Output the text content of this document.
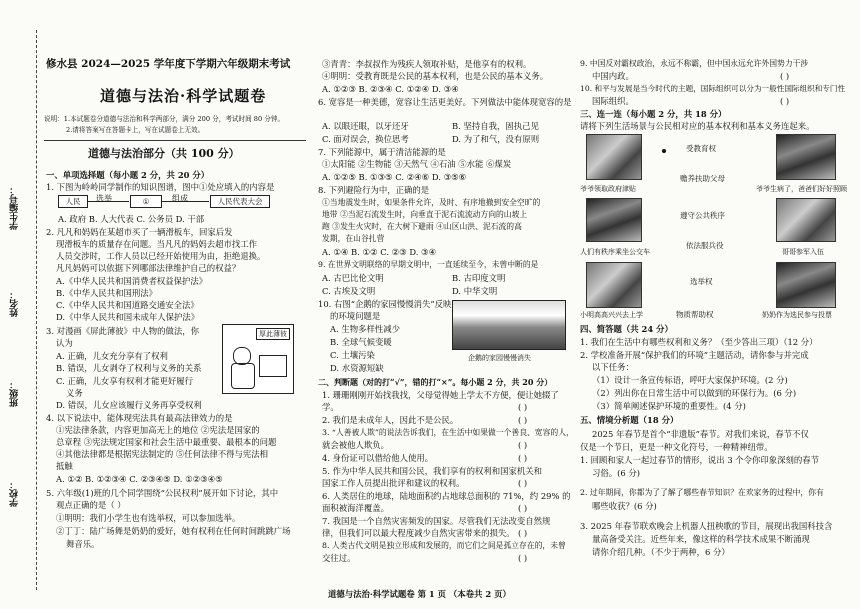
学生编号：
姓名：
班级：
学校：
修水县 2024—2025 学年度下学期六年级期末考试
道德与法治·科学试题卷
说明：1.本试题卷分道德与法治和科学两部分，满分 200 分，考试时间 80 分钟。
2.请将答案写在答题卡上，写在试题卷上无效。
道德与法治部分（共 100 分）
一、单项选择题（每小题 2 分，共 20 分）
1. 下图为岭岭同学制作的知识图谱，图中①处应填入的内容是
人民	选举	①	组成	人民代表大会
A. 政府 B. 人大代表 C. 公务员 D. 干部
2. 凡凡和妈妈在某超市买了一辆滑板车，回家后发
现滑板车的质量存在问题。当凡凡的妈妈去超市找工作
人员交涉时，工作人员以已经开始使用为由，拒绝退换。
凡凡妈妈可以依据下列哪部法律维护自己的权益？
A.《中华人民共和国消费者权益保护法》
B.《中华人民共和国刑法》
C.《中华人民共和国道路交通安全法》
D.《中华人民共和国未成年人保护法》
3. 对漫画《屏此薄彼》中人物的做法，你
认为
厚此薄彼
A. 正确，儿女充分享有了权利
B. 错误，儿女剥夺了权利与义务的关系
C. 正确，儿女享有权利才能更好履行
义务
D. 错误，儿女应该履行义务再享受权利
4. 以下说法中，能体现宪法具有最高法律效力的是
①宪法律条款，内容更加高无上的地位 ②宪法是国家的
总章程 ③宪法规定国家和社会生活中最重要、最根本的问题
④其他法律都是根据宪法制定的 ⑤任何法律不得与宪法相
抵触
A. ①② B. ①②③④ C. ②③④⑤ D. ①②③④⑤
5. 六年级(1)班的几个同学围绕“公民权利”展开如下讨论，其中
观点正确的是（ ）
①明明：我们小学生也有选举权，可以参加选举。
②丁丁：陆广场舞是奶奶的爱好，她有权利在任何时间跳跳广场
舞音乐。
③青青：李叔叔作为残疾人领取补贴，是他享有的权利。
④明明：受教育既是公民的基本权利，也是公民的基本义务。
A. ①②③ B. ②③④ C. ①②④ D. ③④
6. 宽容是一种美德，宽容让生活更美好。下列做法中能体现宽容的是
A. 以眼还眼，以牙还牙	B. 坚持自我，固执己见
C. 面对误会，换位思考	D. 为了和气，没有原则
7. 下列能源中，属于清洁能源的是
①太阳能 ②生物能 ③天然气 ④石油 ⑤水能 ⑥煤炭
A. ①②⑤ B. ①③⑤ C. ②④⑥ D. ③⑤⑥
8. 下列避险行为中，正确的是
①当地震发生时，如果条件允许，及时、有序地撤到安全空旷的
地带 ②当泥石流发生时，向垂直于泥石流流动方向的山坡上
跑 ③发生火灾时，在大树下避雨 ④山区山洪、泥石流的高
发期，在山谷扎营
A. ①④ B. ①② C. ②③ D. ③④
9. 在世界文明联络的早期文明中，一直延续至今，未曾中断的是
A. 古巴比伦文明	B. 古印度文明
C. 古埃及文明	D. 中华文明
10. 右图“企鹅的家园慢慢消失”反映
的环境问题是
A. 生物多样性减少
B. 全球气候变暖
C. 土壤污染
D. 水资源短缺
企鹅的家园慢慢消失
二、判断题（对的打“√”，错的打“×”。每小题 2 分，共 20 分）
1. 珊珊刚刚开始找我找，父母觉得她上学太不方便，便让她辍了
学。	( )
2. 我们是未成年人，因此不是公民。	( )
3. “人善被人欺”的说法告诉我们，在生活中如果做一个善良、宽容的人，
就会被他人欺负。	( )
4. 身份证可以借给他人使用。	( )
5. 作为中华人民共和国公民，我们享有的权利和国家机关和
国家工作人员提出批评和建议的权利。	( )
6. 人类居住的地球，陆地面积约占地球总面积的 71%，约 29% 的
面积被海洋覆盖。	( )
7. 我国是一个自然灾害频发的国家。尽管我们无法改变自然规
律，但我们可以最大程度减少自然灾害带来的损失。 ( )
8. 人类古代文明是独立形成和发展的，而它们之间是孤立存在的，未曾
交往过。	( )
9. 中国反对霸权政治，永远不称霸，但中国永远允许外国势力干涉
中国内政。	( )
10. 和平与发展是当今时代的主题，国际组织可以分为一般性国际组织和专门性
国际组织。	( )
三、连一连（每小题 2 分，共 18 分）
请将下列生活场景与公民相对应的基本权利和基本义务连起来。
爷爷领取政府津贴	爷爷生病了，爸爸们好好照顾
受教育权
赡养扶助父母
遵守公共秩序
依法服兵役
人们有秩序乘坐公交车	哥哥参军入伍
选举权
物质帮助权
小明高高兴兴去上学	奶奶作为选民参与投票
四、简答题（共 24 分）
1. 我们在生活中有哪些权利和义务？（至少答出三项）（12 分）
2. 学校准备开展“保护我们的环境”主题活动，请你参与并完成
以下任务：
（1）设计一条宣传标语，呼吁大家保护环境。(2 分)
（2）列出你在日常生活中可以做到的环保行为。(6 分)
（3）简单阐述保护环境的重要性。(4 分)
五、情境分析题（18 分）
2025 年春节是首个“非遗版”春节。对我们来说，春节不仅
仅是一个节日，更是一种文化符号，一种精神纽带。
1. 回顾和家人一起过春节的情形，说出 3 个令你印象深刻的春节
习俗。(6 分)
2. 过年期间，你都为了了解了哪些春节知识？在欢家务的过程中，你有
哪些收获？(6 分)
3. 2025 年春节联欢晚会上机器人扭秧歌的节目，展现出我国科技含
量高备受关注。近些年来，像这样的科学技术成果不断涌现
请你介绍几种。（不少于两种，6 分）
道德与法治·科学试题卷 第 1 页 （本卷共 2 页）
